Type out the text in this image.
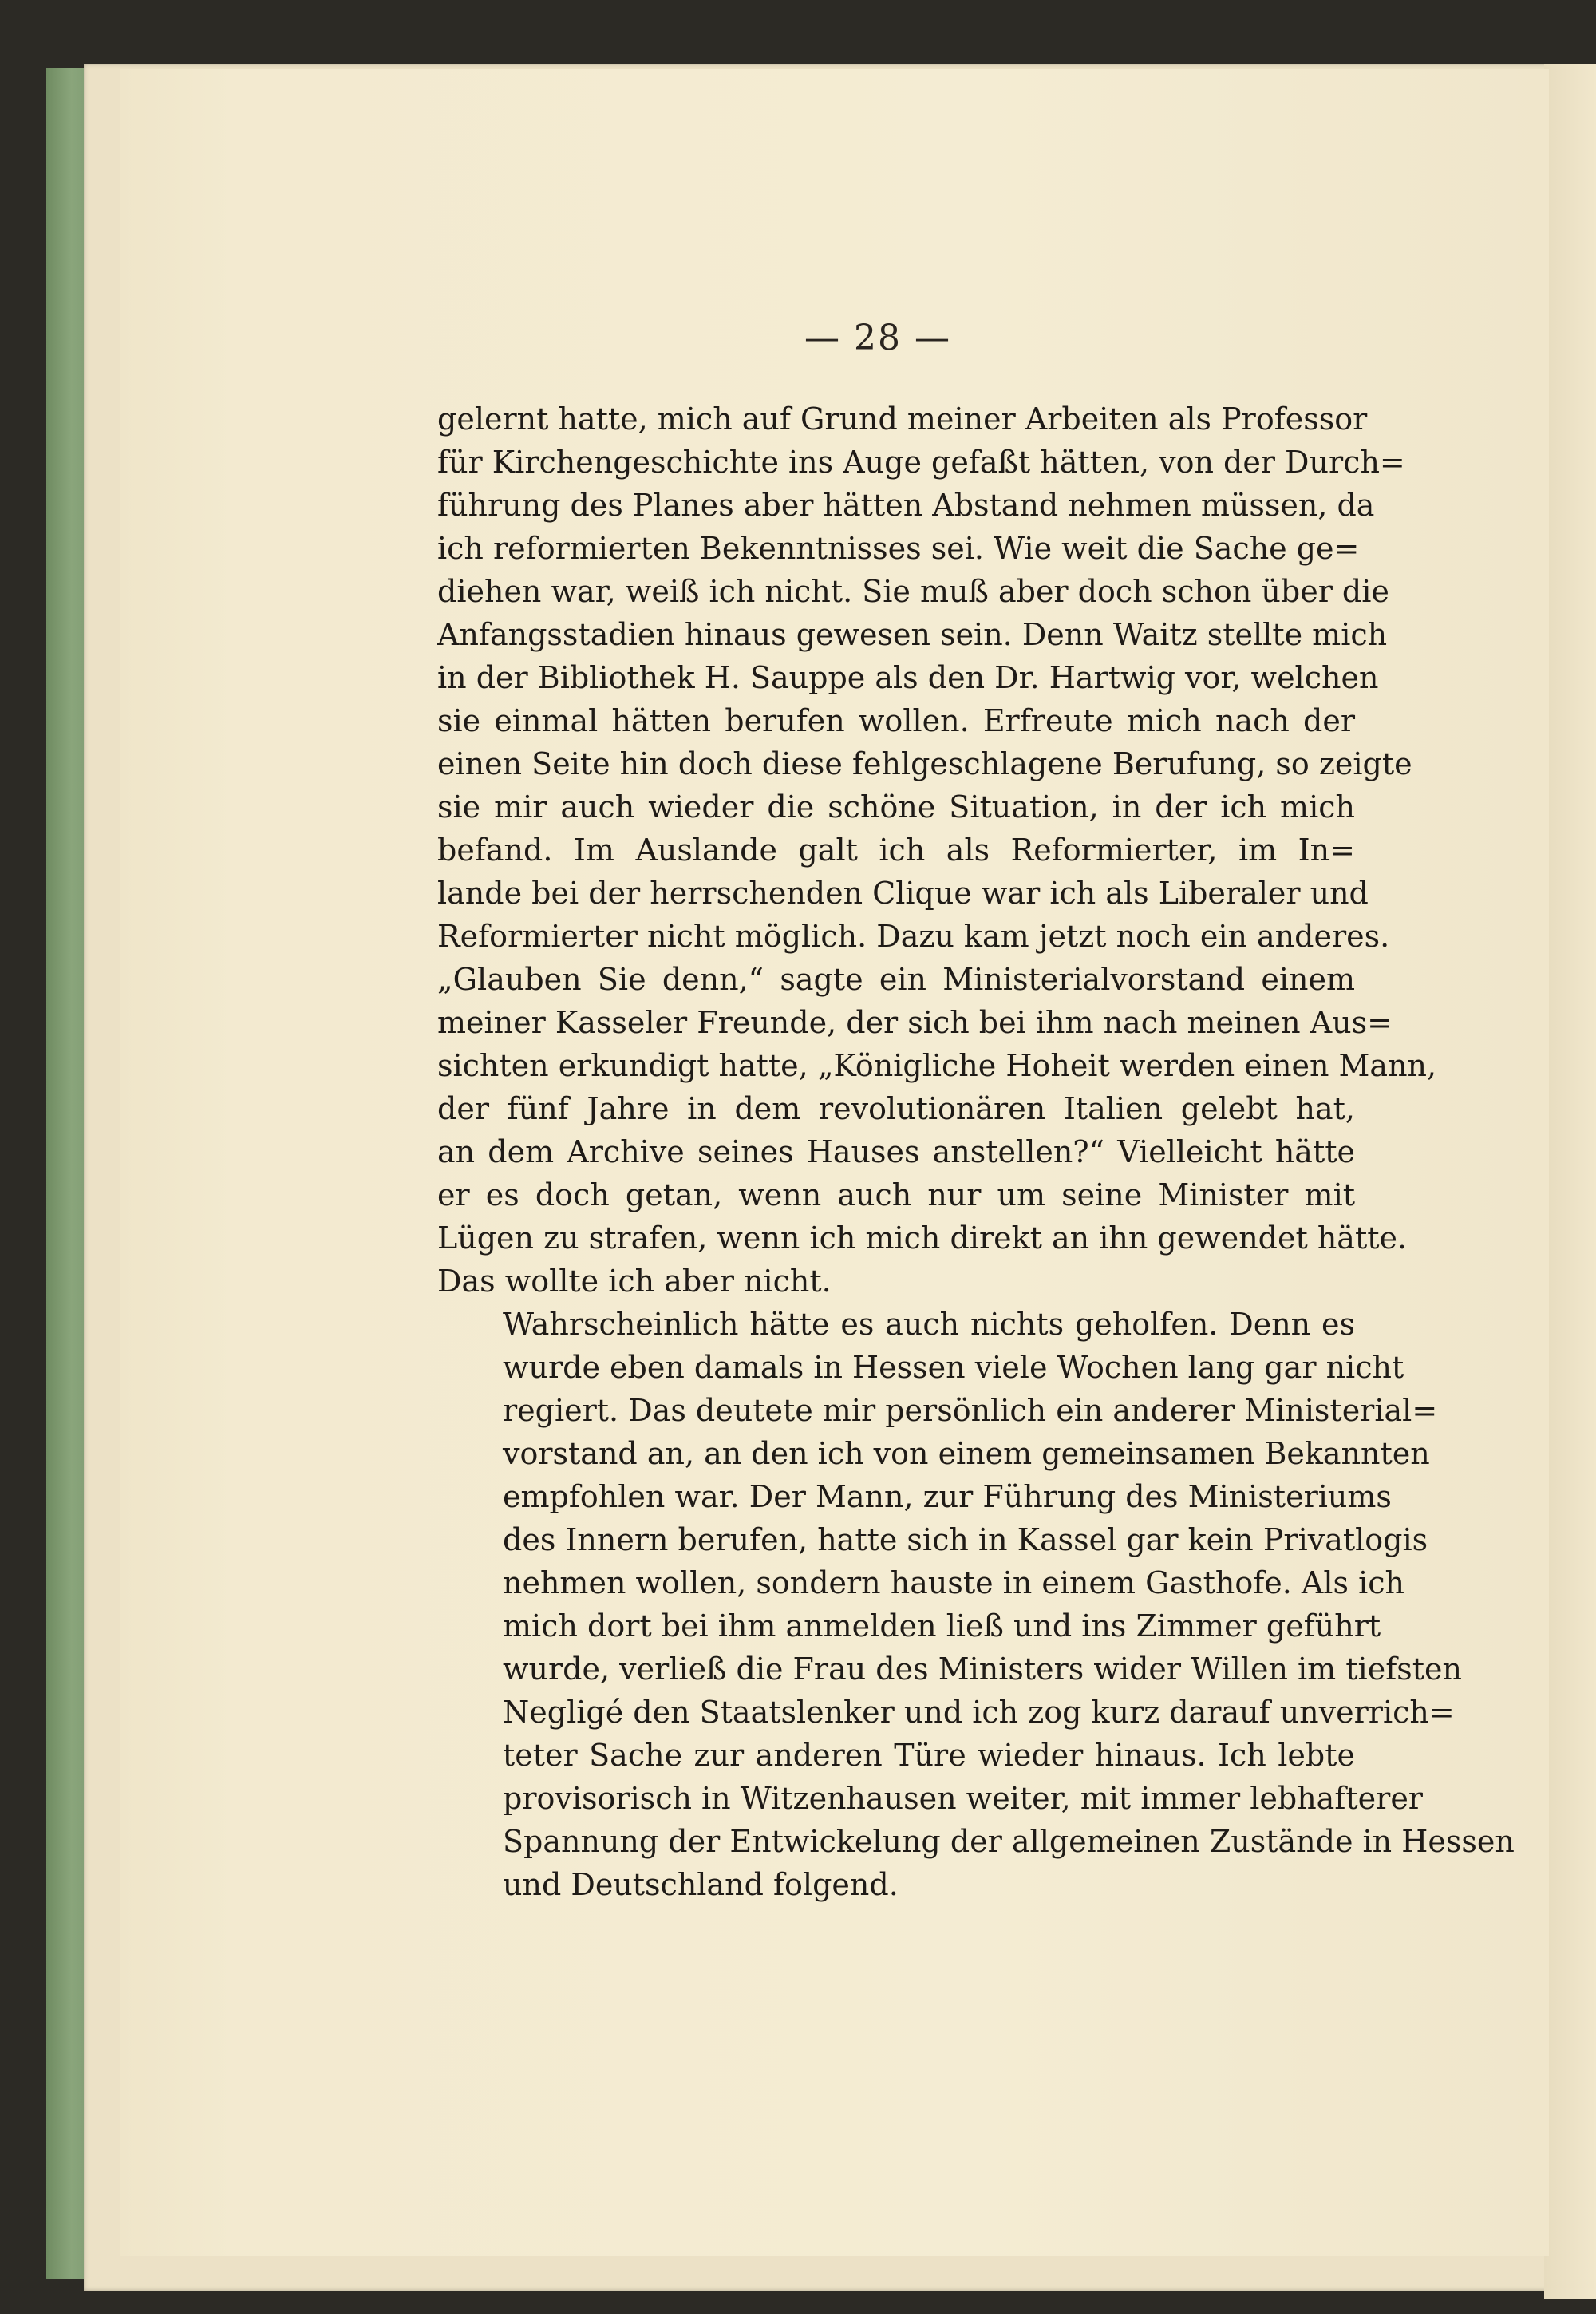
— 28 —

gelernt hatte, mich auf Grund meiner Arbeiten als Professor
für Kirchengeschichte ins Auge gefaßt hätten, von der Durch=
führung des Planes aber hätten Abstand nehmen müssen, da
ich reformierten Bekenntnisses sei. Wie weit die Sache ge=
diehen war, weiß ich nicht. Sie muß aber doch schon über die
Anfangsstadien hinaus gewesen sein. Denn Waitz stellte mich
in der Bibliothek H. Sauppe als den Dr. Hartwig vor, welchen
sie einmal hätten berufen wollen. Erfreute mich nach der
einen Seite hin doch diese fehlgeschlagene Berufung, so zeigte
sie mir auch wieder die schöne Situation, in der ich mich
befand. Im Auslande galt ich als Reformierter, im In=
lande bei der herrschenden Clique war ich als Liberaler und
Reformierter nicht möglich. Dazu kam jetzt noch ein anderes.
„Glauben Sie denn,“ sagte ein Ministerialvorstand einem
meiner Kasseler Freunde, der sich bei ihm nach meinen Aus=
sichten erkundigt hatte, „Königliche Hoheit werden einen Mann,
der fünf Jahre in dem revolutionären Italien gelebt hat,
an dem Archive seines Hauses anstellen?“ Vielleicht hätte
er es doch getan, wenn auch nur um seine Minister mit
Lügen zu strafen, wenn ich mich direkt an ihn gewendet hätte.
Das wollte ich aber nicht.

Wahrscheinlich hätte es auch nichts geholfen. Denn es
wurde eben damals in Hessen viele Wochen lang gar nicht
regiert. Das deutete mir persönlich ein anderer Ministerial=
vorstand an, an den ich von einem gemeinsamen Bekannten
empfohlen war. Der Mann, zur Führung des Ministeriums
des Innern berufen, hatte sich in Kassel gar kein Privatlogis
nehmen wollen, sondern hauste in einem Gasthofe. Als ich
mich dort bei ihm anmelden ließ und ins Zimmer geführt
wurde, verließ die Frau des Ministers wider Willen im tiefsten
Negligé den Staatslenker und ich zog kurz darauf unverrich=
teter Sache zur anderen Türe wieder hinaus. Ich lebte
provisorisch in Witzenhausen weiter, mit immer lebhafterer
Spannung der Entwickelung der allgemeinen Zustände in Hessen
und Deutschland folgend.
